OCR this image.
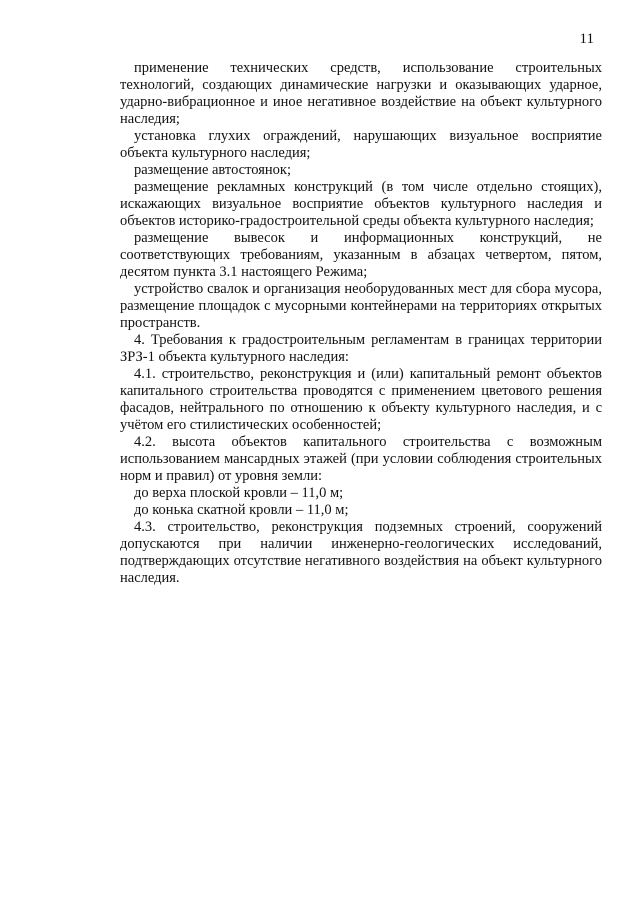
11

применение технических средств, использование строительных технологий, создающих динамические нагрузки и оказывающих ударное, ударно-вибрационное и иное негативное воздействие на объект культурного наследия;

установка глухих ограждений, нарушающих визуальное восприятие объекта культурного наследия;

размещение автостоянок;

размещение рекламных конструкций (в том числе отдельно стоящих), искажающих визуальное восприятие объектов культурного наследия и объектов историко-градостроительной среды объекта культурного наследия;

размещение вывесок и информационных конструкций, не соответствующих требованиям, указанным в абзацах четвертом, пятом, десятом пункта 3.1 настоящего Режима;

устройство свалок и организация необорудованных мест для сбора мусора, размещение площадок с мусорными контейнерами на территориях открытых пространств.

4. Требования к градостроительным регламентам в границах территории ЗРЗ-1 объекта культурного наследия:

4.1. строительство, реконструкция и (или) капитальный ремонт объектов капитального строительства проводятся с применением цветового решения фасадов, нейтрального по отношению к объекту культурного наследия, и с учётом его стилистических особенностей;

4.2. высота объектов капитального строительства с возможным использованием мансардных этажей (при условии соблюдения строительных норм и правил) от уровня земли:

до верха плоской кровли – 11,0 м;

до конька скатной кровли – 11,0 м;

4.3. строительство, реконструкция подземных строений, сооружений допускаются при наличии инженерно-геологических исследований, подтверждающих отсутствие негативного воздействия на объект культурного наследия.
